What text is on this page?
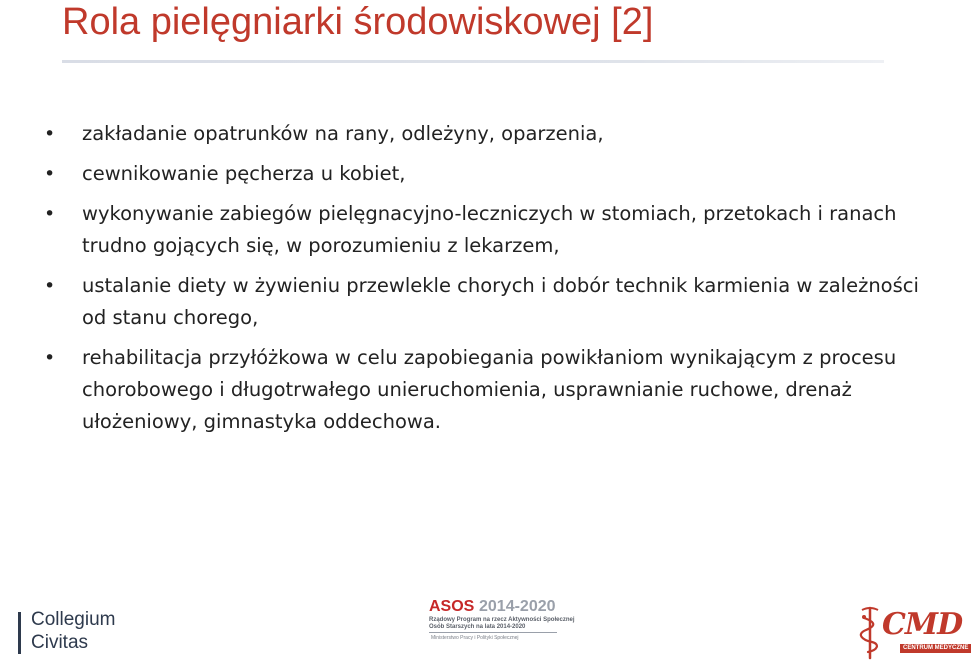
Rola pielęgniarki środowiskowej [2]
• zakładanie opatrunków na rany, odleżyny, oparzenia,
• cewnikowanie pęcherza u kobiet,
• wykonywanie zabiegów pielęgnacyjno-leczniczych w stomiach, przetokach i ranach trudno gojących się, w porozumieniu z lekarzem,
• ustalanie diety w żywieniu przewlekle chorych i dobór technik karmienia w zależności od stanu chorego,
• rehabilitacja przyłóżkowa w celu zapobiegania powikłaniom wynikającym z procesu chorobowego i długotrwałego unieruchomienia, usprawnianie ruchowe, drenaż ułożeniowy, gimnastyka oddechowa.
Collegium
Civitas
ASOS 2014-2020
Rządowy Program na rzecz Aktywności Społecznej
Osób Starszych na lata 2014-2020
Ministerstwo Pracy i Polityki Społecznej	CMD
CENTRUM MEDYCZNE
